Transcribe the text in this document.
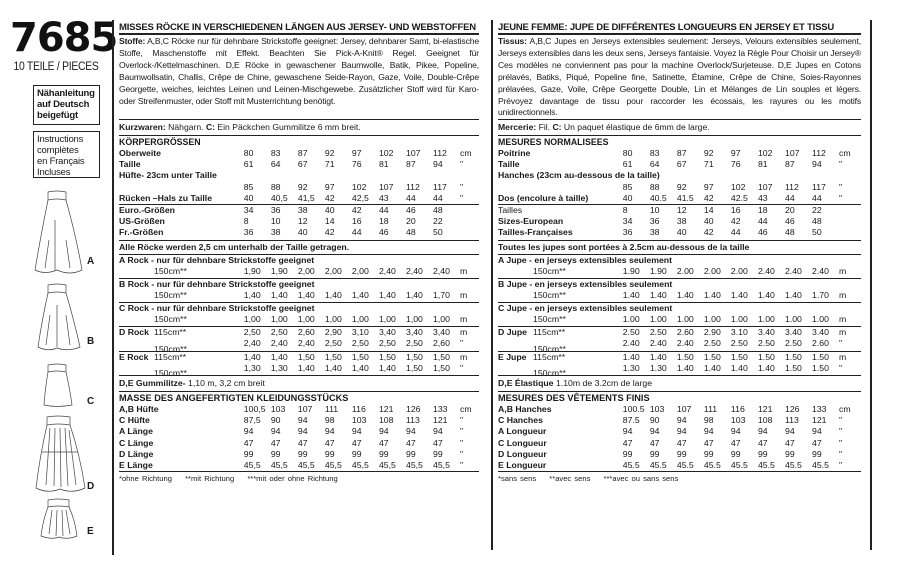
7685
10 TEILE / PIECES
Nähanleitung
auf Deutsch
beigefügt
Instructions
complètes
en Français
Incluses
A
B
C
D
E
MISSES RÖCKE IN VERSCHIEDENEN LÄNGEN AUS JERSEY- UND WEBSTOFFEN
Stoffe: A,B,C Röcke nur für dehnbare Strickstoffe geeignet: Jersey, dehnbarer Samt, bi-elastische Stoffe, Maschenstoffe mit Effekt. Beachten Sie Pick-A-Knit® Regel. Geeignet für Overlock-/Kettelmaschinen. D,E Röcke in gewaschener Baumwolle, Batik, Pikee, Popeline, Baumwollsatin, Challis, Crêpe de Chine, gewaschene Seide-Rayon, Gaze, Voile, Double-Crêpe Georgette, weiches, leichtes Leinen und Leinen-Mischgewebe. Zusätzlicher Stoff wird für Karo- oder Streifenmuster, oder Stoff mit Musterrichtung benötigt.
Kurzwaren: Nähgarn. C: Ein Päckchen Gummilitze 6 mm breit.
KÖRPERGRÖSSEN
Oberweite	80	83	87	92	97	102	107	112	cm
Taille	61	64	67	71	76	81	87	94	"
Hüfte- 23cm unter Taille									
	85	88	92	97	102	107	112	117	"
Rücken –Hals zu Taille	40	40,5	41,5	42	42,5	43	44	44	"
Euro.-Größen	34	36	38	40	42	44	46	48	
US-Größen	8	10	12	14	16	18	20	22	
Fr.-Größen	36	38	40	42	44	46	48	50	
Alle Röcke werden 2,5 cm unterhalb der Taille getragen.
A Rock - nur für dehnbare Strickstoffe geeignet
150cm**	1,90	1,90	2,00	2,00	2,00	2,40	2,40	2,40	m
B Rock - nur für dehnbare Strickstoffe geeignet
150cm**	1,40	1,40	1,40	1,40	1,40	1,40	1,40	1,70	m
C Rock - nur für dehnbare Strickstoffe geeignet
150cm**	1,00	1,00	1,00	1,00	1,00	1,00	1,00	1,00	m
D Rock 115cm**	2,50	2,50	2,60	2,90	3,10	3,40	3,40	3,40	m

150cm**	2,40	2,40	2,40	2,50	2,50	2,50	2,50	2,60	"
E Rock 115cm**	1,40	1,40	1,50	1,50	1,50	1,50	1,50	1,50	m

150cm**	1,30	1,30	1,40	1,40	1,40	1,40	1,50	1,50	"
D,E Gummilitze- 1,10 m, 3,2 cm breit
MASSE DES ANGEFERTIGTEN KLEIDUNGSSTÜCKS
A,B Hüfte	100,5	103	107	111	116	121	126	133	cm
C Hüfte	87,5	90	94	98	103	108	113	121	"
A Länge	94	94	94	94	94	94	94	94	"
C Länge	47	47	47	47	47	47	47	47	"
D Länge	99	99	99	99	99	99	99	99	"
E Länge	45,5	45,5	45,5	45,5	45,5	45,5	45,5	45,5	"
*ohne Richtung **mit Richtung ***mit oder ohne Richtung
JEUNE FEMME: JUPE DE DIFFÉRENTES LONGUEURS EN JERSEY ET TISSU
Tissus: A,B,C Jupes en Jerseys extensibles seulement: Jerseys, Velours extensibles seulement, Jerseys extensibles dans les deux sens, Jerseys fantaisie. Voyez la Règle Pour Choisir un Jersey® Ces modèles ne conviennent pas pour la machine Overlock/Surjeteuse. D,E Jupes en Cotons prélavés, Batiks, Piqué, Popeline fine, Satinette, Étamine, Crêpe de Chine, Soies-Rayonnes prélavées, Gaze, Voile, Crêpe Georgette Double, Lin et Mélanges de Lin souples et légers. Prévoyez davantage de tissu pour raccorder les écossais, les rayures ou les motifs unidirectionnels.
Mercerie: Fil. C: Un paquet élastique de 6mm de large.
MESURES NORMALISEES
Poitrine	80	83	87	92	97	102	107	112	cm
Taille	61	64	67	71	76	81	87	94	"
Hanches (23cm au-dessous de la taille)									
	85	88	92	97	102	107	112	117	"
Dos (encolure à taille)	40	40.5	41.5	42	42.5	43	44	44	"
Tailles	8	10	12	14	16	18	20	22	
Sizes-European	34	36	38	40	42	44	46	48	
Tailles-Françaises	36	38	40	42	44	46	48	50	
Toutes les jupes sont portées à 2.5cm au-dessous de la taille
A Jupe - en jerseys extensibles seulement
150cm**	1.90	1.90	2.00	2.00	2.00	2.40	2.40	2.40	m
B Jupe - en jerseys extensibles seulement
150cm**	1.40	1.40	1.40	1.40	1.40	1.40	1.40	1.70	m
C Jupe - en jerseys extensibles seulement
150cm**	1.00	1.00	1.00	1.00	1.00	1.00	1.00	1.00	m
D Jupe 115cm**	2.50	2.50	2.60	2.90	3.10	3.40	3.40	3.40	m

150cm**	2.40	2.40	2.40	2.50	2.50	2.50	2.50	2.60	"
E Jupe 115cm**	1.40	1.40	1.50	1.50	1.50	1.50	1.50	1.50	m

150cm**	1.30	1.30	1.40	1.40	1.40	1.40	1.50	1.50	"
D,E Élastique 1.10m de 3.2cm de large
MESURES DES VÊTEMENTS FINIS
A,B Hanches	100.5	103	107	111	116	121	126	133	cm
C Hanches	87.5	90	94	98	103	108	113	121	"
A Longueur	94	94	94	94	94	94	94	94	"
C Longueur	47	47	47	47	47	47	47	47	"
D Longueur	99	99	99	99	99	99	99	99	"
E Longueur	45.5	45.5	45.5	45.5	45.5	45.5	45.5	45.5	"
*sans sens **avec sens ***avec ou sans sens
